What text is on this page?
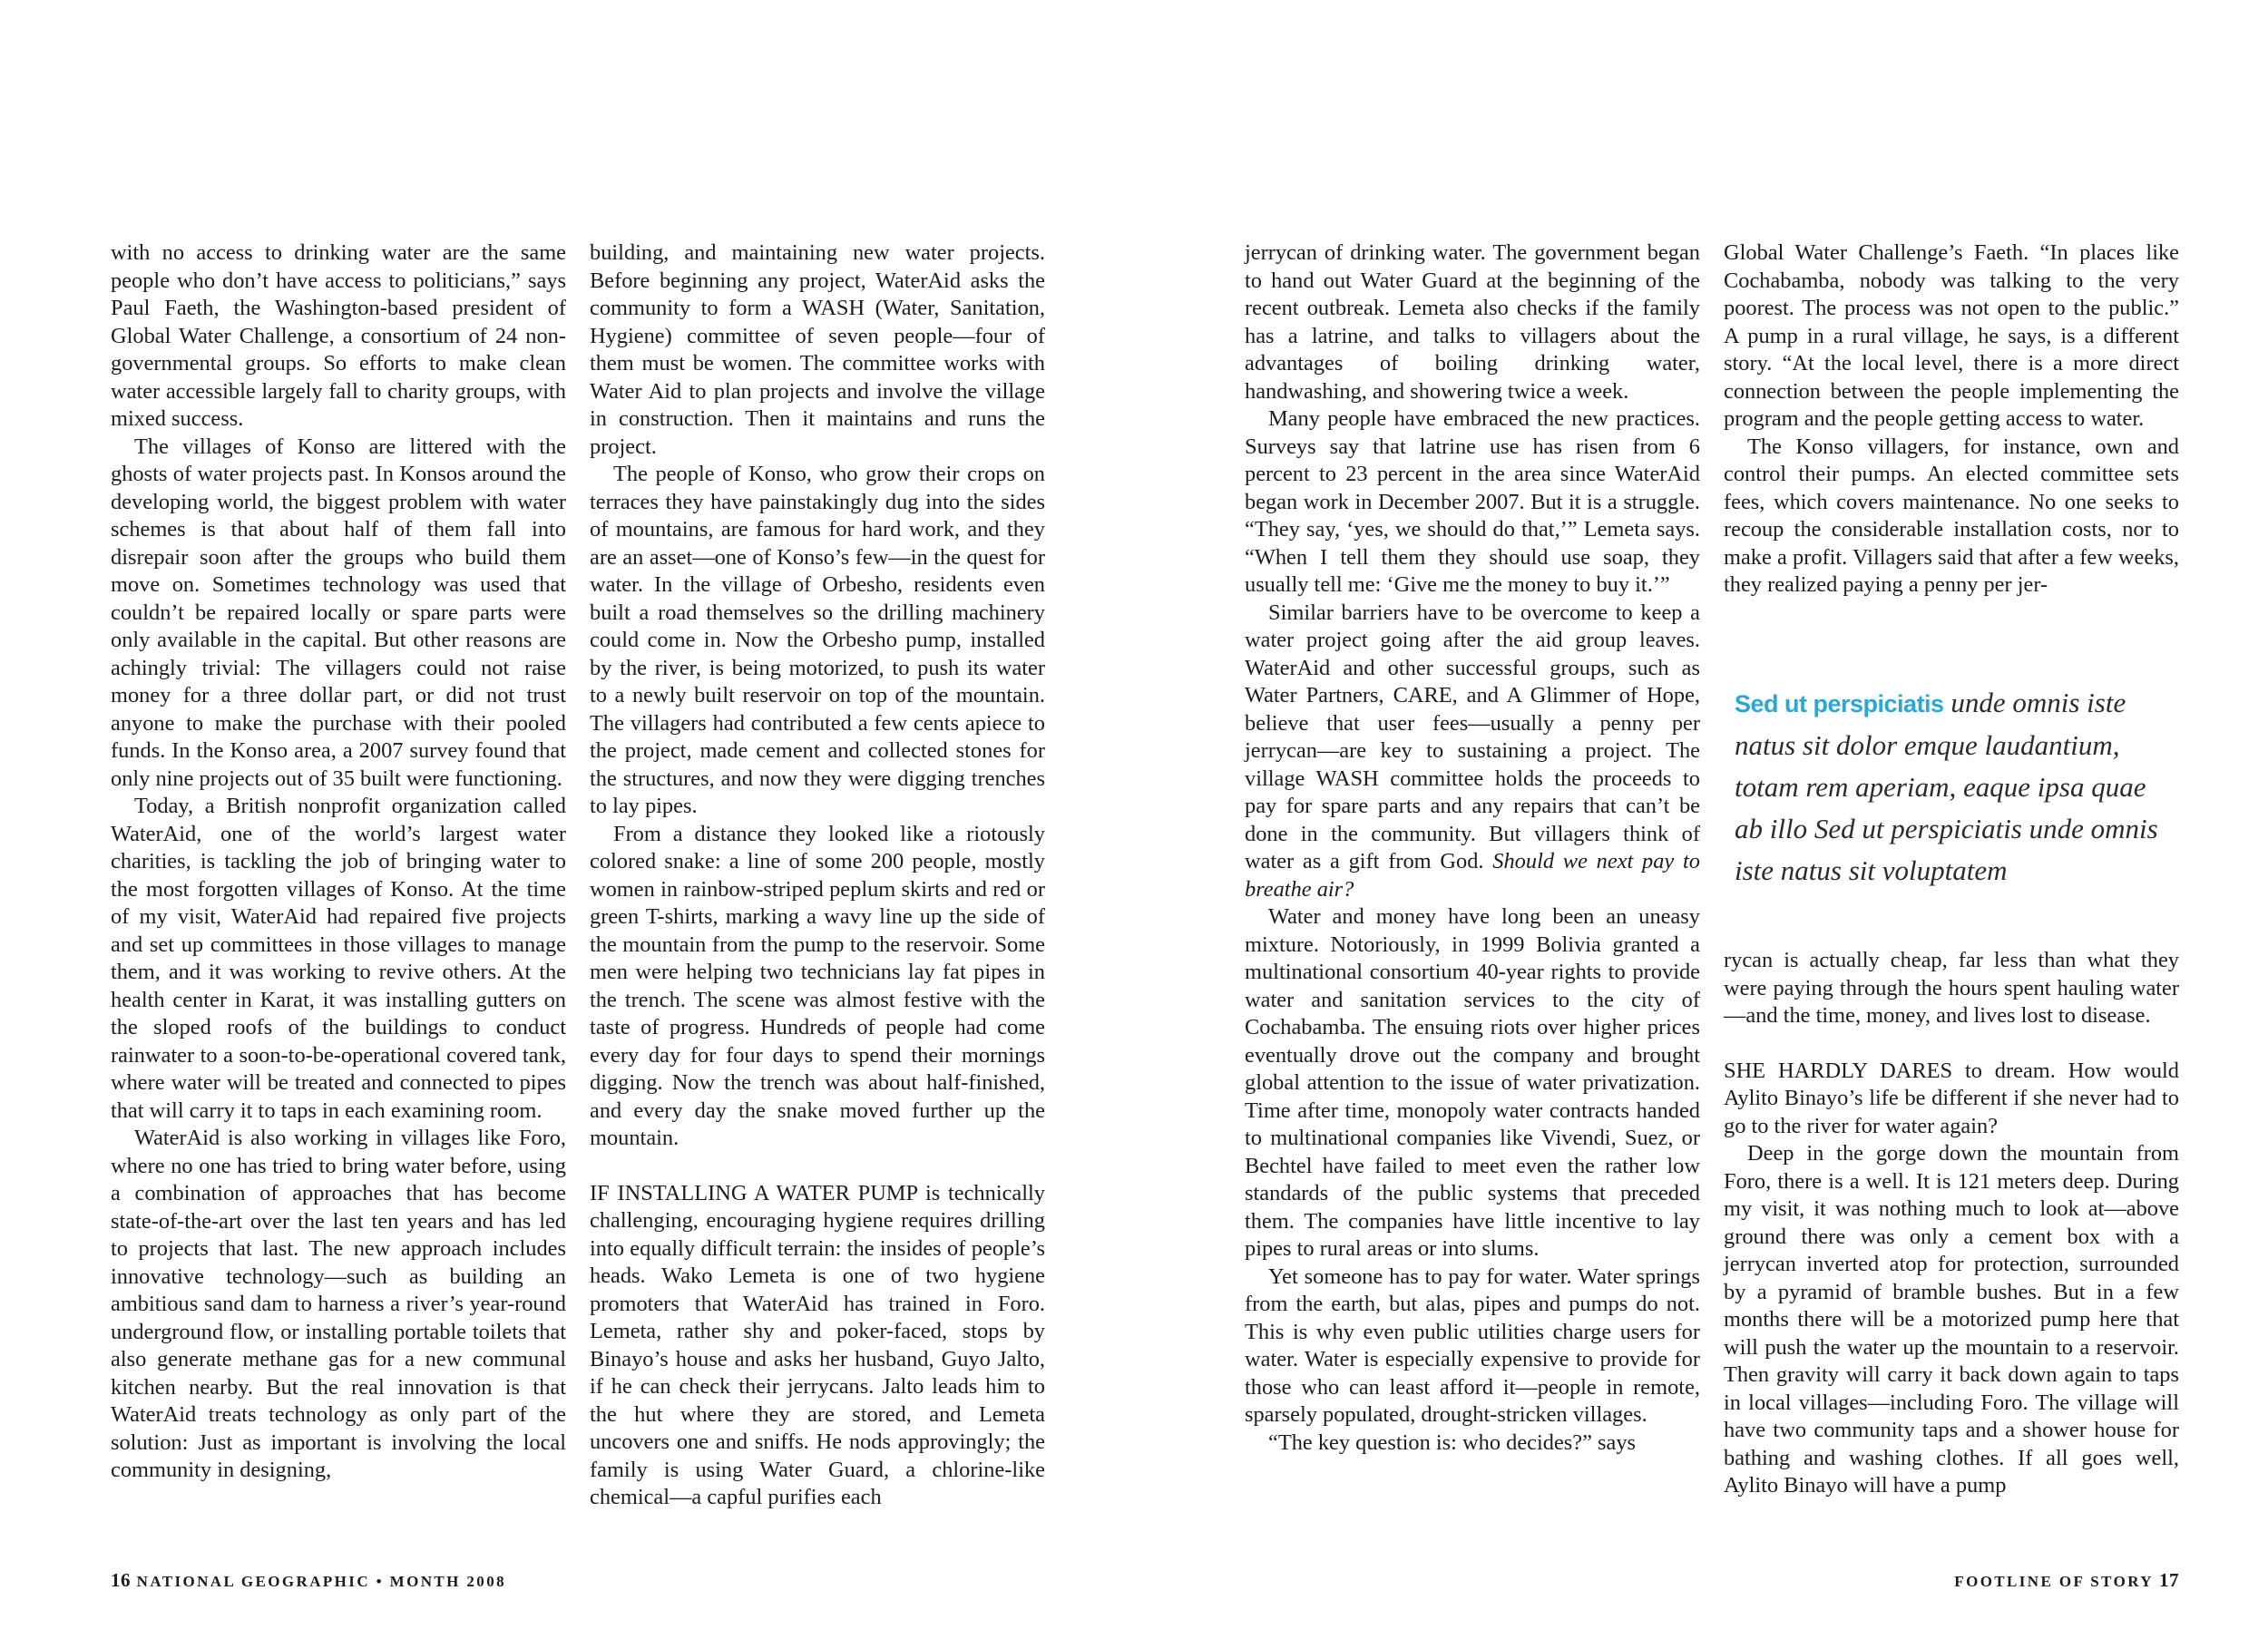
with no access to drinking water are the same people who don’t have access to politicians,” says Paul Faeth, the Washington-based president of Global Water Challenge, a consortium of 24 non-governmental groups. So efforts to make clean water accessible largely fall to charity groups, with mixed success.

The villages of Konso are littered with the ghosts of water projects past. In Konsos around the developing world, the biggest problem with water schemes is that about half of them fall into disrepair soon after the groups who build them move on. Sometimes technology was used that couldn’t be repaired locally or spare parts were only available in the capital. But other reasons are achingly trivial: The villagers could not raise money for a three dollar part, or did not trust anyone to make the purchase with their pooled funds. In the Konso area, a 2007 survey found that only nine projects out of 35 built were functioning.

Today, a British nonprofit organization called WaterAid, one of the world’s largest water charities, is tackling the job of bringing water to the most forgotten villages of Konso. At the time of my visit, WaterAid had repaired five projects and set up committees in those villages to manage them, and it was working to revive others. At the health center in Karat, it was installing gutters on the sloped roofs of the buildings to conduct rainwater to a soon-to-be-operational covered tank, where water will be treated and connected to pipes that will carry it to taps in each examining room.

WaterAid is also working in villages like Foro, where no one has tried to bring water before, using a combination of approaches that has become state-of-the-art over the last ten years and has led to projects that last. The new approach includes innovative technology—such as building an ambitious sand dam to harness a river’s year-round underground flow, or installing portable toilets that also generate methane gas for a new communal kitchen nearby. But the real innovation is that WaterAid treats technology as only part of the solution: Just as important is involving the local community in designing,

building, and maintaining new water projects. Before beginning any project, WaterAid asks the community to form a WASH (Water, Sanitation, Hygiene) committee of seven people—four of them must be women. The committee works with Water Aid to plan projects and involve the village in construction. Then it maintains and runs the project.

The people of Konso, who grow their crops on terraces they have painstakingly dug into the sides of mountains, are famous for hard work, and they are an asset—one of Konso’s few—in the quest for water. In the village of Orbesho, residents even built a road themselves so the drilling machinery could come in. Now the Orbesho pump, installed by the river, is being motorized, to push its water to a newly built reservoir on top of the mountain. The villagers had contributed a few cents apiece to the project, made cement and collected stones for the structures, and now they were digging trenches to lay pipes.

From a distance they looked like a riotously colored snake: a line of some 200 people, mostly women in rainbow-striped peplum skirts and red or green T-shirts, marking a wavy line up the side of the mountain from the pump to the reservoir. Some men were helping two technicians lay fat pipes in the trench. The scene was almost festive with the taste of progress. Hundreds of people had come every day for four days to spend their mornings digging. Now the trench was about half-finished, and every day the snake moved further up the mountain.

IF INSTALLING A WATER PUMP is technically challenging, encouraging hygiene requires drilling into equally difficult terrain: the insides of people’s heads. Wako Lemeta is one of two hygiene promoters that WaterAid has trained in Foro. Lemeta, rather shy and poker-faced, stops by Binayo’s house and asks her husband, Guyo Jalto, if he can check their jerrycans. Jalto leads him to the hut where they are stored, and Lemeta uncovers one and sniffs. He nods approvingly; the family is using Water Guard, a chlorine-like chemical—a capful purifies each

16 NATIONAL GEOGRAPHIC • MONTH 2008

jerrycan of drinking water. The government began to hand out Water Guard at the beginning of the recent outbreak. Lemeta also checks if the family has a latrine, and talks to villagers about the advantages of boiling drinking water, handwashing, and showering twice a week.

Many people have embraced the new practices. Surveys say that latrine use has risen from 6 percent to 23 percent in the area since WaterAid began work in December 2007. But it is a struggle. “They say, ‘yes, we should do that,’” Lemeta says. “When I tell them they should use soap, they usually tell me: ‘Give me the money to buy it.’”

Similar barriers have to be overcome to keep a water project going after the aid group leaves. WaterAid and other successful groups, such as Water Partners, CARE, and A Glimmer of Hope, believe that user fees—usually a penny per jerrycan—are key to sustaining a project. The village WASH committee holds the proceeds to pay for spare parts and any repairs that can’t be done in the community. But villagers think of water as a gift from God. Should we next pay to breathe air?

Water and money have long been an uneasy mixture. Notoriously, in 1999 Bolivia granted a multinational consortium 40-year rights to provide water and sanitation services to the city of Cochabamba. The ensuing riots over higher prices eventually drove out the company and brought global attention to the issue of water privatization. Time after time, monopoly water contracts handed to multinational companies like Vivendi, Suez, or Bechtel have failed to meet even the rather low standards of the public systems that preceded them. The companies have little incentive to lay pipes to rural areas or into slums.

Yet someone has to pay for water. Water springs from the earth, but alas, pipes and pumps do not. This is why even public utilities charge users for water. Water is especially expensive to provide for those who can least afford it—people in remote, sparsely populated, drought-stricken villages.

“The key question is: who decides?” says

Global Water Challenge’s Faeth. “In places like Cochabamba, nobody was talking to the very poorest. The process was not open to the public.” A pump in a rural village, he says, is a different story. “At the local level, there is a more direct connection between the people implementing the program and the people getting access to water.

The Konso villagers, for instance, own and control their pumps. An elected committee sets fees, which covers maintenance. No one seeks to recoup the considerable installation costs, nor to make a profit. Villagers said that after a few weeks, they realized paying a penny per jer-

Sed ut perspiciatis unde omnis iste natus sit dolor emque laudantium, totam rem aperiam, eaque ipsa quae ab illo Sed ut perspiciatis unde omnis iste natus sit voluptatem

rycan is actually cheap, far less than what they were paying through the hours spent hauling water—and the time, money, and lives lost to disease.

SHE HARDLY DARES to dream. How would Aylito Binayo’s life be different if she never had to go to the river for water again?

Deep in the gorge down the mountain from Foro, there is a well. It is 121 meters deep. During my visit, it was nothing much to look at—above ground there was only a cement box with a jerrycan inverted atop for protection, surrounded by a pyramid of bramble bushes. But in a few months there will be a motorized pump here that will push the water up the mountain to a reservoir. Then gravity will carry it back down again to taps in local villages—including Foro. The village will have two community taps and a shower house for bathing and washing clothes. If all goes well, Aylito Binayo will have a pump

FOOTLINE OF STORY 17
